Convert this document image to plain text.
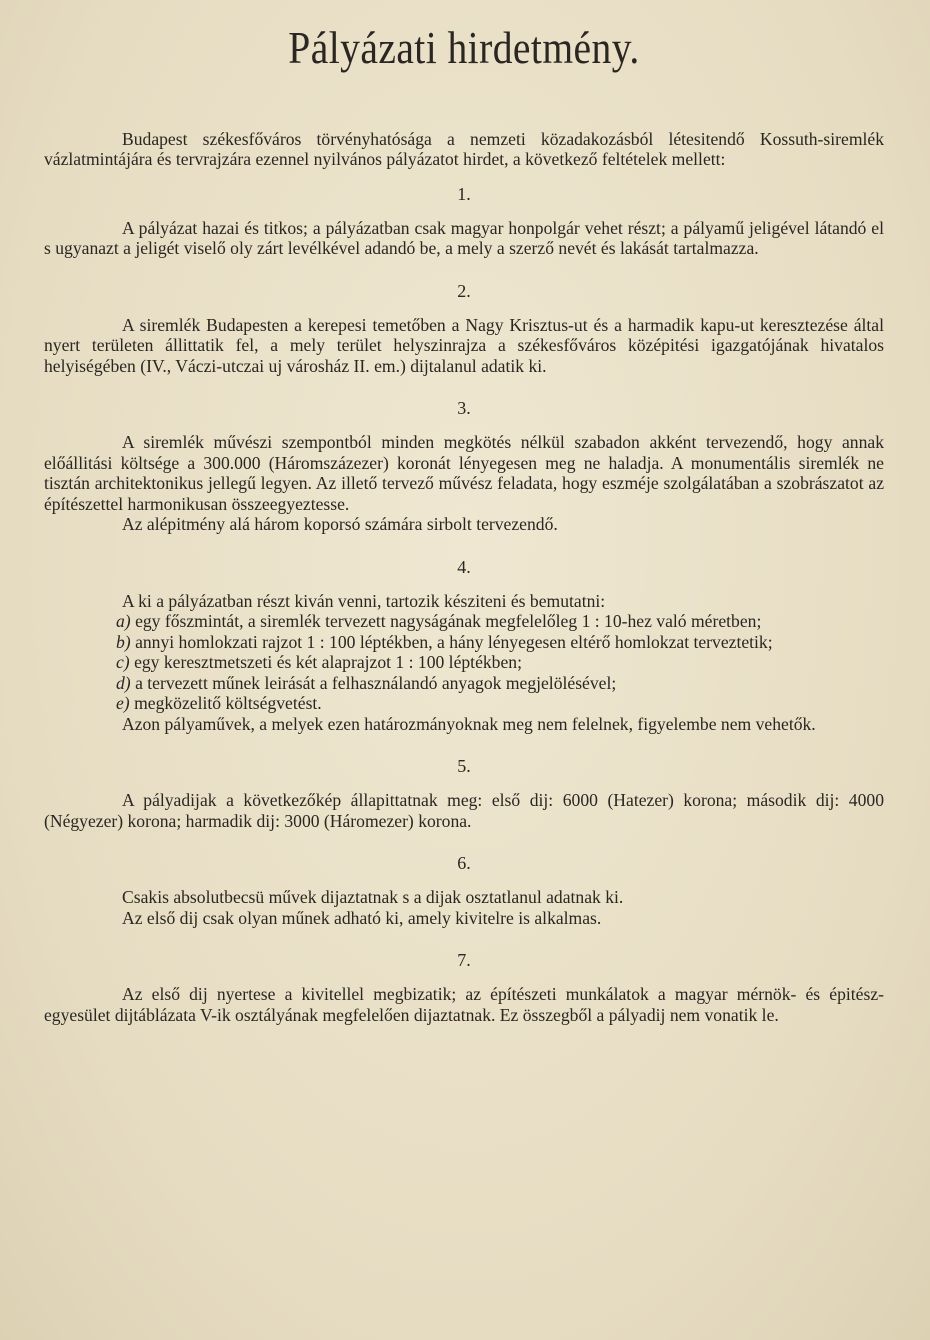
Pályázati hirdetmény.

Budapest székesfőváros törvényhatósága a nemzeti közadakozásból létesitendő Kossuth-siremlék vázlatmintájára és tervrajzára ezennel nyilvános pályázatot hirdet, a következő feltételek mellett:

1.

A pályázat hazai és titkos; a pályázatban csak magyar honpolgár vehet részt; a pályamű jeligével látandó el s ugyanazt a jeligét viselő oly zárt levélkével adandó be, a mely a szerző nevét és lakását tartalmazza.

2.

A siremlék Budapesten a kerepesi temetőben a Nagy Krisztus-ut és a harmadik kapu-ut keresztezése által nyert területen állittatik fel, a mely terület helyszinrajza a székesfőváros középitési igazgatójának hivatalos helyiségében (IV., Váczi-utczai uj városház II. em.) dijtalanul adatik ki.

3.

A siremlék művészi szempontból minden megkötés nélkül szabadon akként tervezendő, hogy annak előállitási költsége a 300.000 (Háromszázezer) koronát lényegesen meg ne haladja. A monumentális siremlék ne tisztán architektonikus jellegű legyen. Az illető tervező művész feladata, hogy eszméje szolgálatában a szobrászatot az építészettel harmonikusan összeegyeztesse.

Az alépitmény alá három koporsó számára sirbolt tervezendő.

4.

A ki a pályázatban részt kiván venni, tartozik késziteni és bemutatni:

a) egy főszmintát, a siremlék tervezett nagyságának megfelelőleg 1 : 10-hez való méretben;

b) annyi homlokzati rajzot 1 : 100 léptékben, a hány lényegesen eltérő homlokzat terveztetik;

c) egy keresztmetszeti és két alaprajzot 1 : 100 léptékben;

d) a tervezett műnek leirását a felhasználandó anyagok megjelölésével;

e) megközelitő költségvetést.

Azon pályaművek, a melyek ezen határozmányoknak meg nem felelnek, figyelembe nem vehetők.

5.

A pályadijak a következőkép állapittatnak meg: első dij: 6000 (Hatezer) korona; második dij: 4000 (Négyezer) korona; harmadik dij: 3000 (Háromezer) korona.

6.

Csakis absolutbecsü művek dijaztatnak s a dijak osztatlanul adatnak ki.

Az első dij csak olyan műnek adható ki, amely kivitelre is alkalmas.

7.

Az első dij nyertese a kivitellel megbizatik; az építészeti munkálatok a magyar mérnök- és épitész-egyesület dijtáblázata V-ik osztályának megfelelően dijaztatnak. Ez összegből a pályadij nem vonatik le.
